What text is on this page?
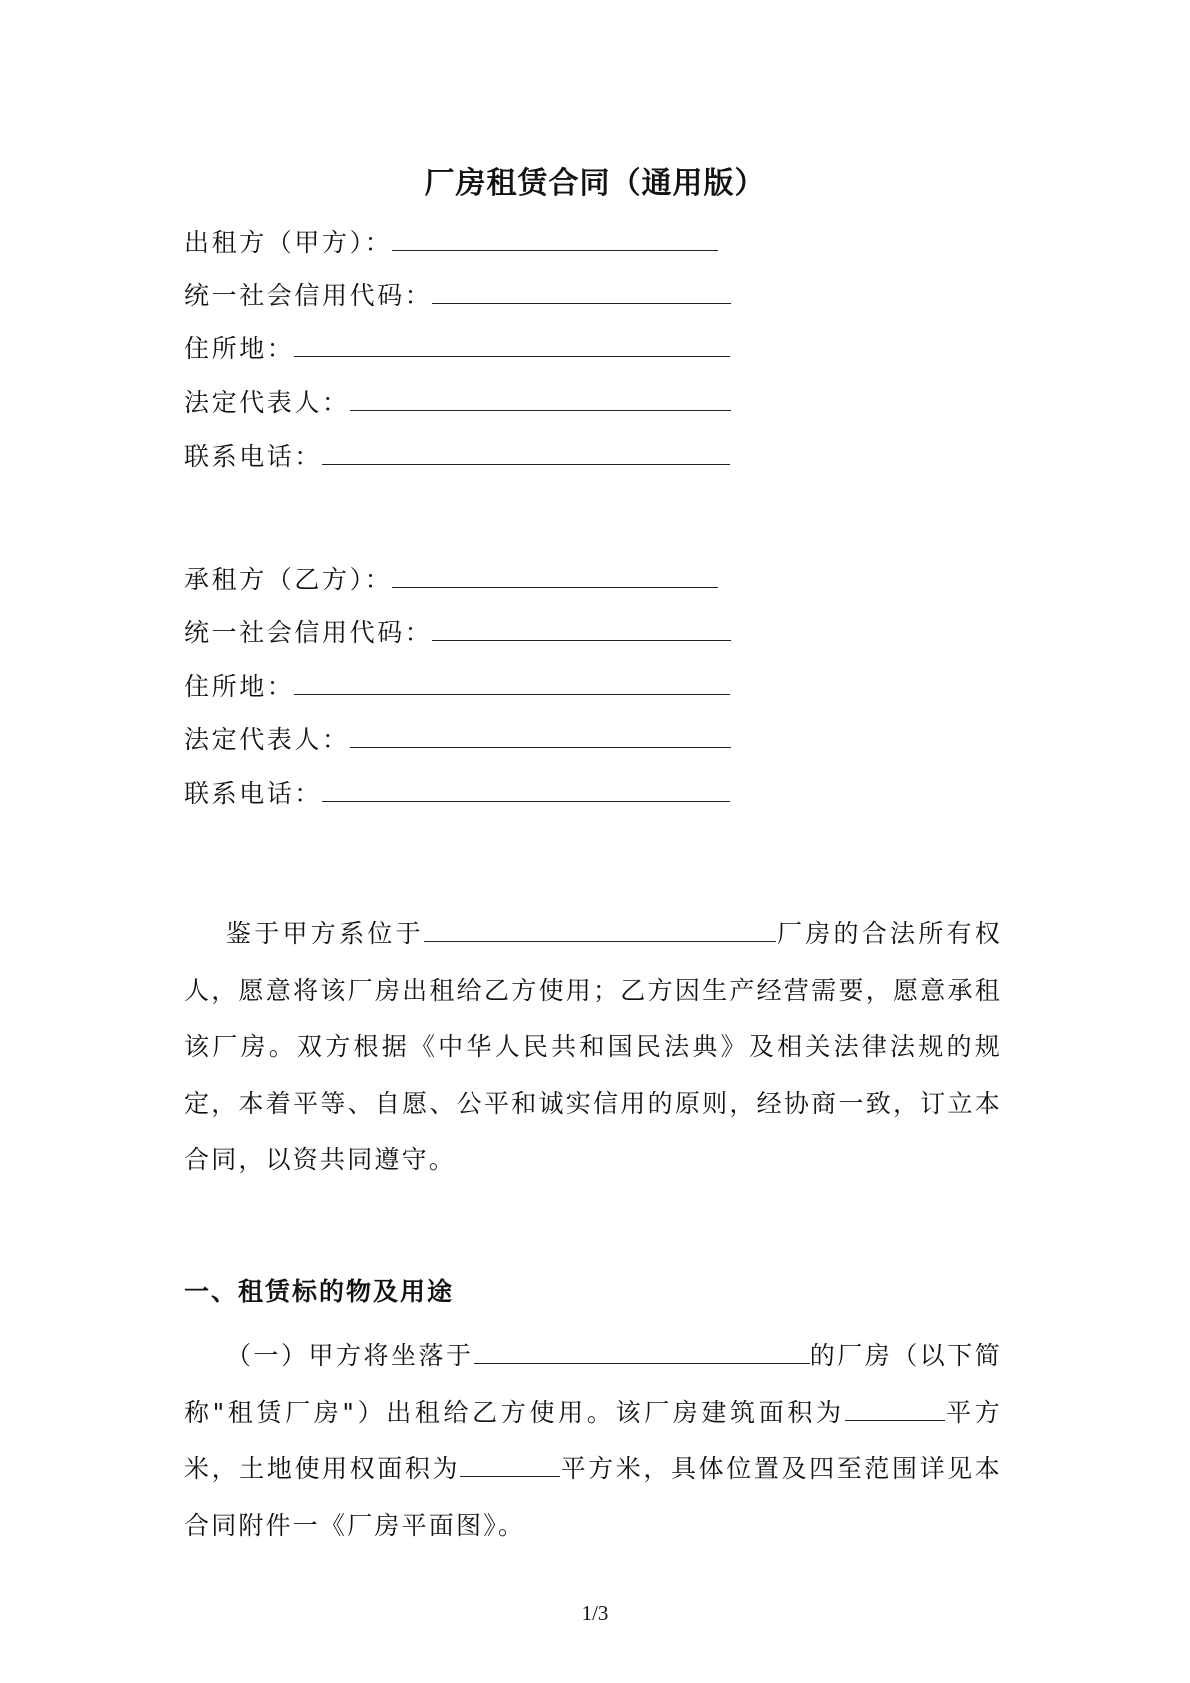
厂房租赁合同（通用版）
出租方（甲方）：
统一社会信用代码：
住所地：
法定代表人：
联系电话：
承租方（乙方）：
统一社会信用代码：
住所地：
法定代表人：
联系电话：

鉴于甲方系位于	厂房的合法所有权人，愿意将该厂房出租给乙方使用；乙方因生产经营需要，愿意承租该厂房。双方根据《中华人民共和国民法典》及相关法律法规的规定，本着平等、自愿、公平和诚实信用的原则，经协商一致，订立本合同，以资共同遵守。

一、租赁标的物及用途

（一）甲方将坐落于	的厂房（以下简称"租赁厂房"）出租给乙方使用。该厂房建筑面积为	平方米，土地使用权面积为	平方米，具体位置及四至范围详见本合同附件一《厂房平面图》。

1/3
